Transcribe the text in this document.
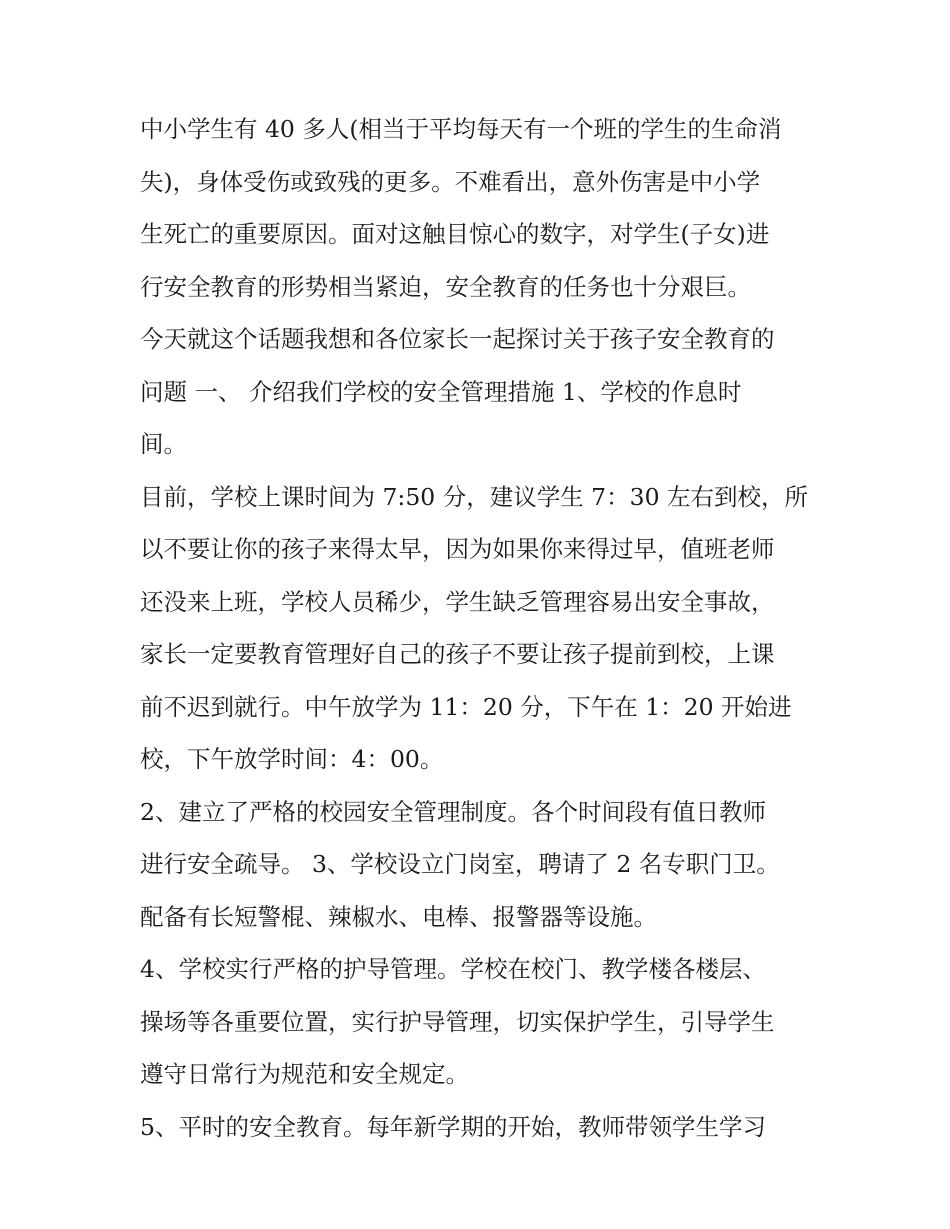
中小学生有 40 多人(相当于平均每天有一个班的学生的生命消
失)，身体受伤或致残的更多。不难看出，意外伤害是中小学
生死亡的重要原因。面对这触目惊心的数字，对学生(子女)进
行安全教育的形势相当紧迫，安全教育的任务也十分艰巨。
今天就这个话题我想和各位家长一起探讨关于孩子安全教育的
问题 一、 介绍我们学校的安全管理措施 1、学校的作息时
间。
目前，学校上课时间为 7:50 分，建议学生 7：30 左右到校，所
以不要让你的孩子来得太早，因为如果你来得过早，值班老师
还没来上班，学校人员稀少，学生缺乏管理容易出安全事故，
家长一定要教育管理好自己的孩子不要让孩子提前到校，上课
前不迟到就行。中午放学为 11：20 分，下午在 1：20 开始进
校，下午放学时间：4：00。
2、建立了严格的校园安全管理制度。各个时间段有值日教师
进行安全疏导。 3、学校设立门岗室，聘请了 2 名专职门卫。
配备有长短警棍、辣椒水、电棒、报警器等设施。
4、学校实行严格的护导管理。学校在校门、教学楼各楼层、
操场等各重要位置，实行护导管理，切实保护学生，引导学生
遵守日常行为规范和安全规定。
5、平时的安全教育。每年新学期的开始，教师带领学生学习
